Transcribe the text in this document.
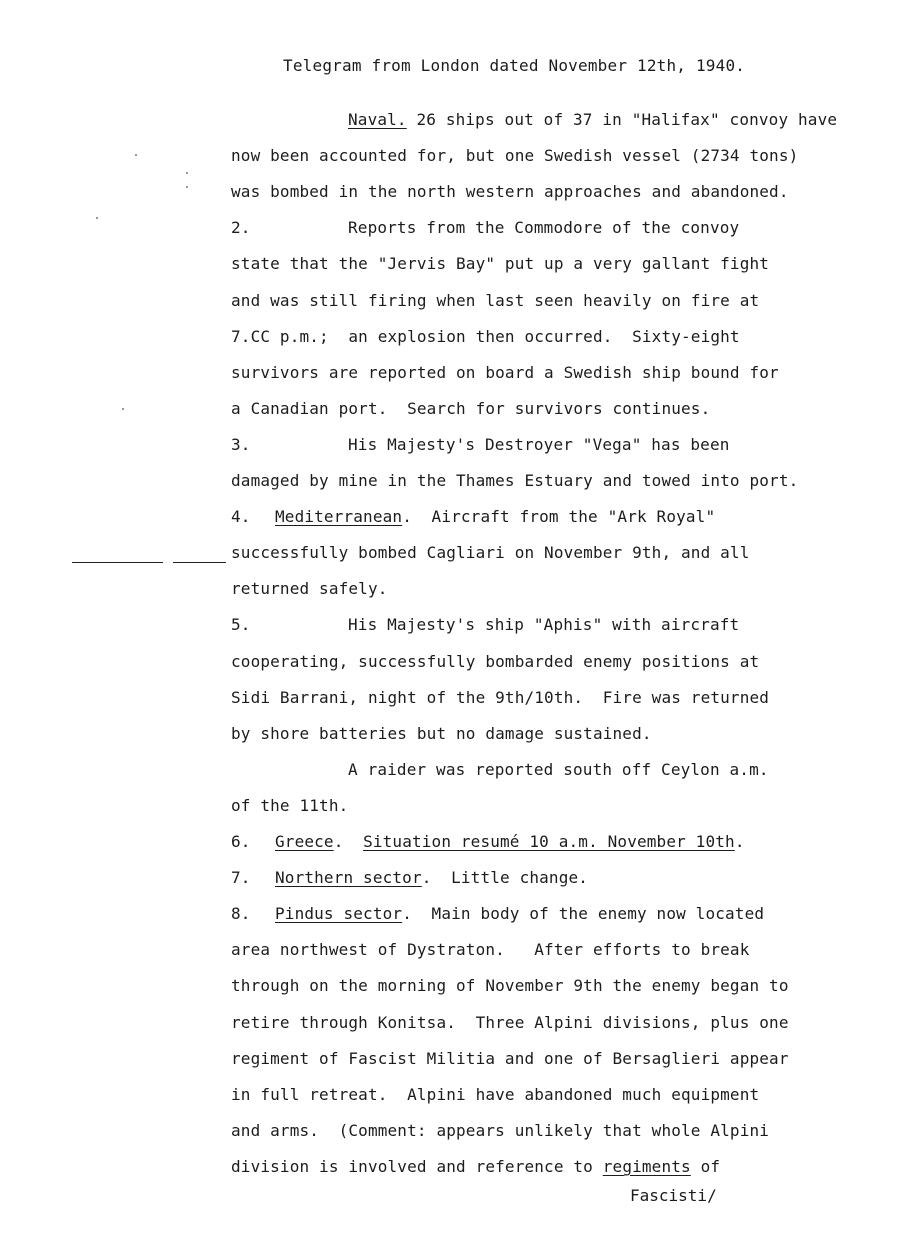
Telegram from London dated November 12th, 1940.
Naval. 26 ships out of 37 in "Halifax" convoy have
now been accounted for, but one Swedish vessel (2734 tons)
was bombed in the north western approaches and abandoned.
2.	Reports from the Commodore of the convoy
state that the "Jervis Bay" put up a very gallant fight
and was still firing when last seen heavily on fire at
7.CC p.m.;  an explosion then occurred.  Sixty-eight
survivors are reported on board a Swedish ship bound for
a Canadian port.  Search for survivors continues.
3.	His Majesty's Destroyer "Vega" has been
damaged by mine in the Thames Estuary and towed into port.
4. Mediterranean.  Aircraft from the "Ark Royal"
successfully bombed Cagliari on November 9th, and all
returned safely.
5.	His Majesty's ship "Aphis" with aircraft
cooperating, successfully bombarded enemy positions at
Sidi Barrani, night of the 9th/10th.  Fire was returned
by shore batteries but no damage sustained.
A raider was reported south off Ceylon a.m.
of the 11th.
6. Greece.  Situation resumé 10 a.m. November 10th.
7. Northern sector.  Little change.
8. Pindus sector.  Main body of the enemy now located
area northwest of Dystraton.   After efforts to break
through on the morning of November 9th the enemy began to
retire through Konitsa.  Three Alpini divisions, plus one
regiment of Fascist Militia and one of Bersaglieri appear
in full retreat.  Alpini have abandoned much equipment
and arms.  (Comment: appears unlikely that whole Alpini
division is involved and reference to regiments of
Fascisti/
